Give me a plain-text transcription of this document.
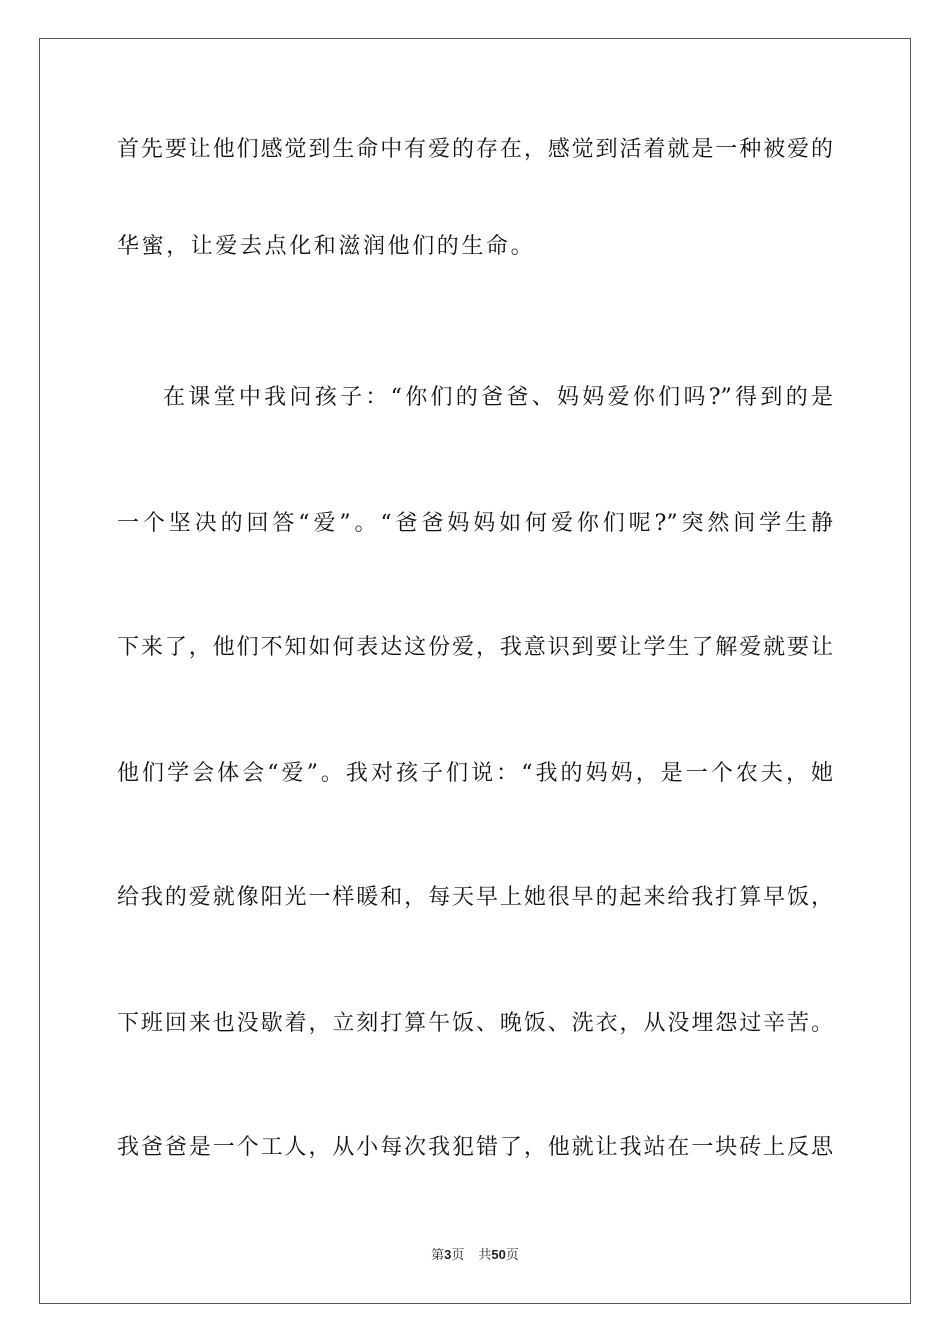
首先要让他们感觉到生命中有爱的存在，感觉到活着就是一种被爱的
华蜜，让爱去点化和滋润他们的生命。
在课堂中我问孩子：“你们的爸爸、妈妈爱你们吗?”得到的是
一个坚决的回答“爱”。“爸爸妈妈如何爱你们呢?”突然间学生静
下来了，他们不知如何表达这份爱，我意识到要让学生了解爱就要让
他们学会体会“爱”。我对孩子们说：“我的妈妈，是一个农夫，她
给我的爱就像阳光一样暖和，每天早上她很早的起来给我打算早饭，
下班回来也没歇着，立刻打算午饭、晚饭、洗衣，从没埋怨过辛苦。
我爸爸是一个工人，从小每次我犯错了，他就让我站在一块砖上反思
第3页 共50页
